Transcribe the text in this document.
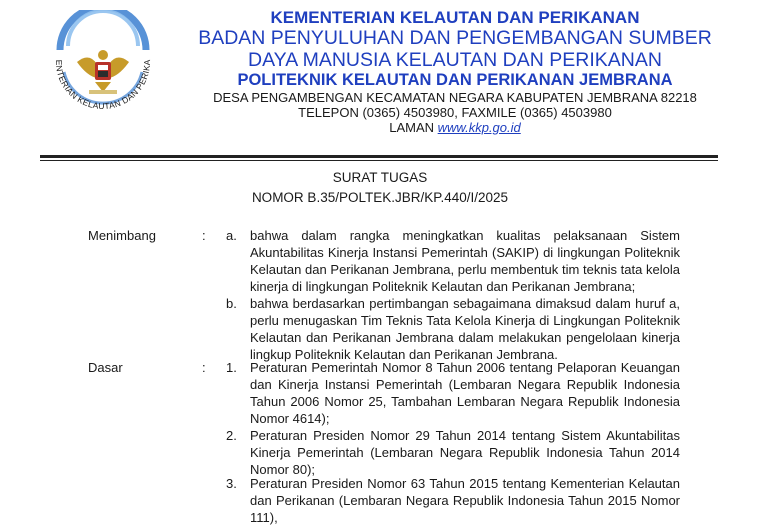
ENTERIAN KELAUTAN DAN PERIKA
KEMENTERIAN KELAUTAN DAN PERIKANAN
BADAN PENYULUHAN DAN PENGEMBANGAN SUMBER
DAYA MANUSIA KELAUTAN DAN PERIKANAN
POLITEKNIK KELAUTAN DAN PERIKANAN JEMBRANA
DESA PENGAMBENGAN KECAMATAN NEGARA KABUPATEN JEMBRANA 82218
TELEPON (0365) 4503980, FAXMILE (0365) 4503980
LAMAN www.kkp.go.id
SURAT TUGAS
NOMOR B.35/POLTEK.JBR/KP.440/I/2025
Menimbang	: a. bahwa dalam rangka meningkatkan kualitas pelaksanaan Sistem Akuntabilitas Kinerja Instansi Pemerintah (SAKIP) di lingkungan Politeknik Kelautan dan Perikanan Jembrana, perlu membentuk tim teknis tata kelola kinerja di lingkungan Politeknik Kelautan dan Perikanan Jembrana;
b. bahwa berdasarkan pertimbangan sebagaimana dimaksud dalam huruf a, perlu menugaskan Tim Teknis Tata Kelola Kinerja di Lingkungan Politeknik Kelautan dan Perikanan Jembrana dalam melakukan pengelolaan kinerja lingkup Politeknik Kelautan dan Perikanan Jembrana.
Dasar	: 1. Peraturan Pemerintah Nomor 8 Tahun 2006 tentang Pelaporan Keuangan dan Kinerja Instansi Pemerintah (Lembaran Negara Republik Indonesia Tahun 2006 Nomor 25, Tambahan Lembaran Negara Republik Indonesia Nomor 4614);
2. Peraturan Presiden Nomor 29 Tahun 2014 tentang Sistem Akuntabilitas Kinerja Pemerintah (Lembaran Negara Republik Indonesia Tahun 2014 Nomor 80);
3. Peraturan Presiden Nomor 63 Tahun 2015 tentang Kementerian Kelautan dan Perikanan (Lembaran Negara Republik Indonesia Tahun 2015 Nomor 111),
